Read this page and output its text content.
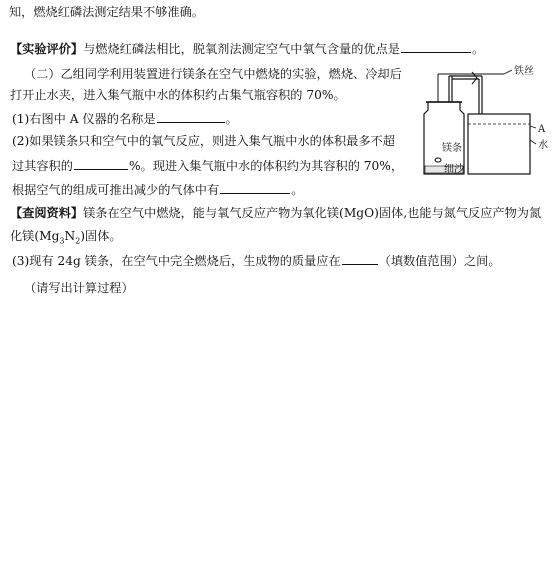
知，燃烧红磷法测定结果不够准确。
【实验评价】与燃烧红磷法相比，脱氧剂法测定空气中氧气含量的优点是	。
（二）乙组同学利用装置进行镁条在空气中燃烧的实验，燃烧、冷却后
打开止水夹，进入集气瓶中水的体积约占集气瓶容积的 70%。
(1)右图中 A 仪器的名称是	。
(2)如果镁条只和空气中的氧气反应，则进入集气瓶中水的体积最多不超
过其容积的	%。现进入集气瓶中水的体积约为其容积的 70%，
根据空气的组成可推出减少的气体中有	。
【查阅资料】镁条在空气中燃烧，能与氧气反应产物为氧化镁(MgO)固体,也能与氮气反应产物为氮
化镁$(Mg_3N_2)$固体。
(3)现有 24g 镁条，在空气中完全燃烧后，生成物的质量应在	（填数值范围）之间。
（请写出计算过程）
铁丝
A
水
镁条
细沙
